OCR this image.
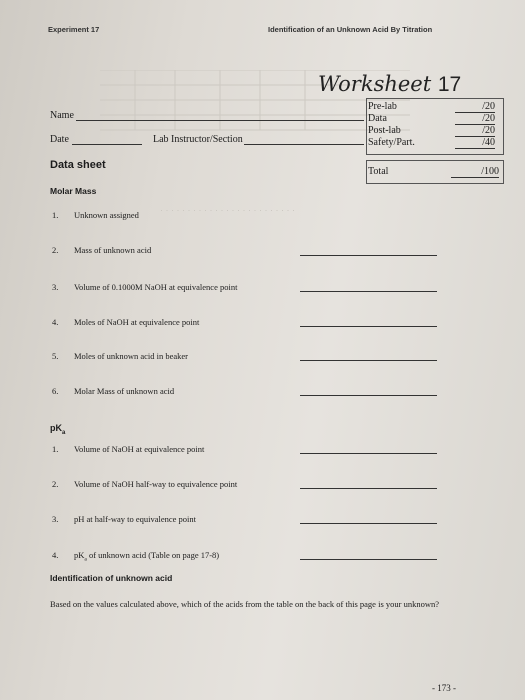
Experiment 17	Identification of an Unknown Acid By Titration
Worksheet 17
Pre-lab	/20
Data	/20
Post-lab	/20
Safety/Part.	/40
Total	/100
Name
Date	Lab Instructor/Section
Data sheet
Molar Mass
· · · · · · · · · · · · · · · · · · · · · · · · ·
1. Unknown assigned
2. Mass of unknown acid
3. Volume of 0.1000M NaOH at equivalence point
4. Moles of NaOH at equivalence point
5. Moles of unknown acid in beaker
6. Molar Mass of unknown acid
$pK_a$
1. Volume of NaOH at equivalence point
2. Volume of NaOH half-way to equivalence point
3. pH at half-way to equivalence point
4. $pK_a$ of unknown acid (Table on page 17-8)
Identification of unknown acid
Based on the values calculated above, which of the acids from the table on the back of this page is your unknown?
- 173 -
